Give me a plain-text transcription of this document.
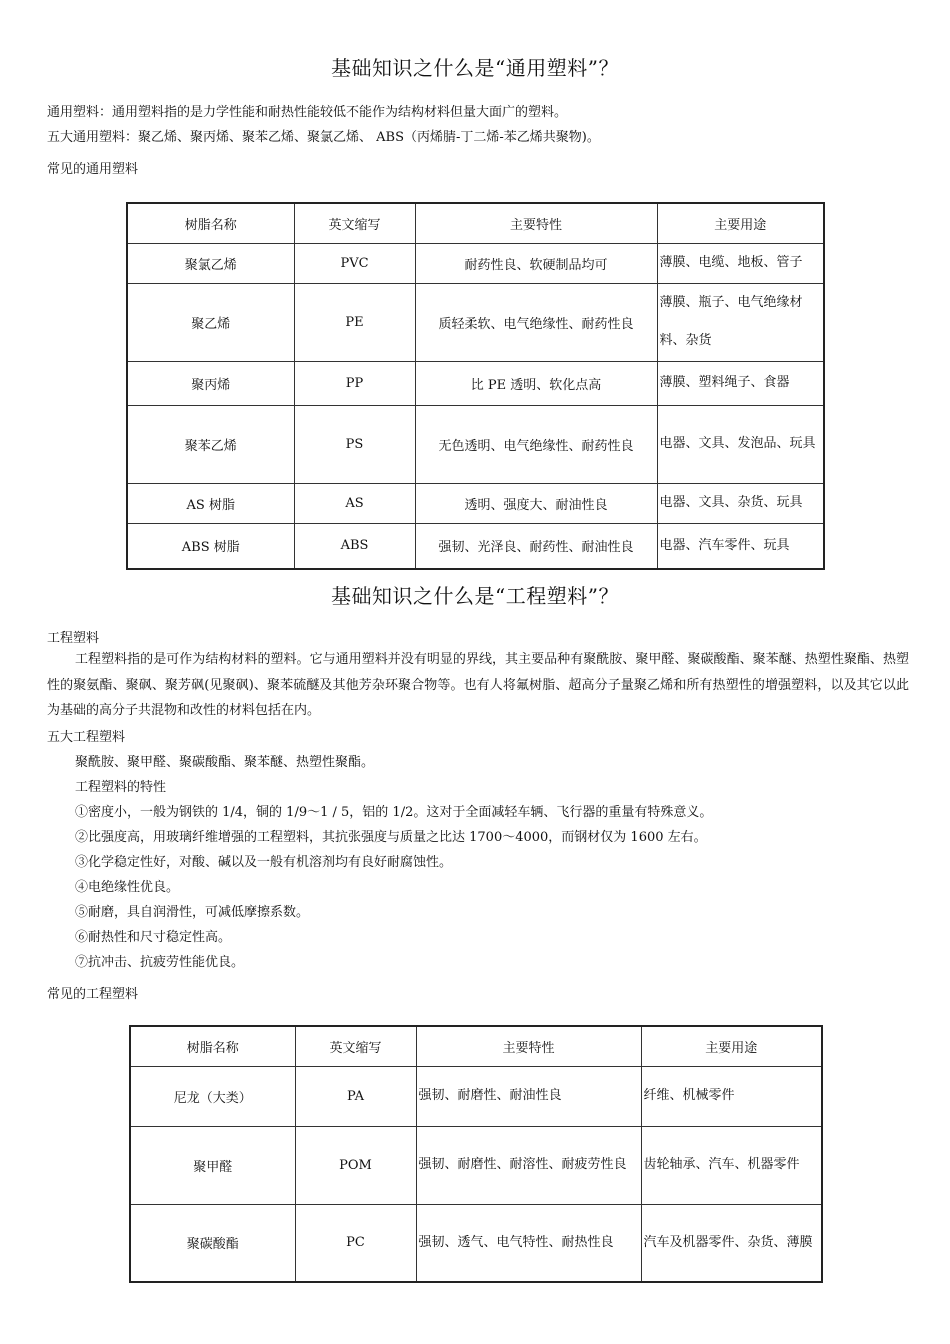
基础知识之什么是“通用塑料”？
通用塑料：通用塑料指的是力学性能和耐热性能较低不能作为结构材料但量大面广的塑料。
五大通用塑料：聚乙烯、聚丙烯、聚苯乙烯、聚氯乙烯、 ABS（丙烯腈-丁二烯-苯乙烯共聚物)。
常见的通用塑料
树脂名称	英文缩写	主要特性	主要用途
聚氯乙烯	PVC	耐药性良、软硬制品均可	薄膜、电缆、地板、管子
聚乙烯	PE	质轻柔软、电气绝缘性、耐药性良	薄膜、瓶子、电气绝缘材料、杂货
聚丙烯	PP	比 PE 透明、软化点高	薄膜、塑料绳子、食器
聚苯乙烯	PS	无色透明、电气绝缘性、耐药性良	电器、文具、发泡品、玩具
AS 树脂	AS	透明、强度大、耐油性良	电器、文具、杂货、玩具
ABS 树脂	ABS	强韧、光泽良、耐药性、耐油性良	电器、汽车零件、玩具
基础知识之什么是“工程塑料”？
工程塑料
工程塑料指的是可作为结构材料的塑料。它与通用塑料并没有明显的界线，其主要品种有聚酰胺、聚甲醛、聚碳酸酯、聚苯醚、热塑性聚酯、热塑性的聚氨酯、聚砜、聚芳砜(见聚砜)、聚苯硫醚及其他芳杂环聚合物等。也有人将氟树脂、超高分子量聚乙烯和所有热塑性的增强塑料，以及其它以此为基础的高分子共混物和改性的材料包括在内。
五大工程塑料
聚酰胺、聚甲醛、聚碳酸酯、聚苯醚、热塑性聚酯。
工程塑料的特性
①密度小，一般为钢铁的 1/4，铜的 1/9～1 / 5，铝的 1/2。这对于全面减轻车辆、飞行器的重量有特殊意义。
②比强度高，用玻璃纤维增强的工程塑料，其抗张强度与质量之比达 1700～4000，而钢材仅为 1600 左右。
③化学稳定性好，对酸、碱以及一般有机溶剂均有良好耐腐蚀性。
④电绝缘性优良。
⑤耐磨，具自润滑性，可减低摩擦系数。
⑥耐热性和尺寸稳定性高。
⑦抗冲击、抗疲劳性能优良。
常见的工程塑料
树脂名称	英文缩写	主要特性	主要用途
尼龙（大类）	PA	强韧、耐磨性、耐油性良	纤维、机械零件
聚甲醛	POM	强韧、耐磨性、耐溶性、耐疲劳性良	齿轮轴承、汽车、机器零件
聚碳酸酯	PC	强韧、透气、电气特性、耐热性良	汽车及机器零件、杂货、薄膜
